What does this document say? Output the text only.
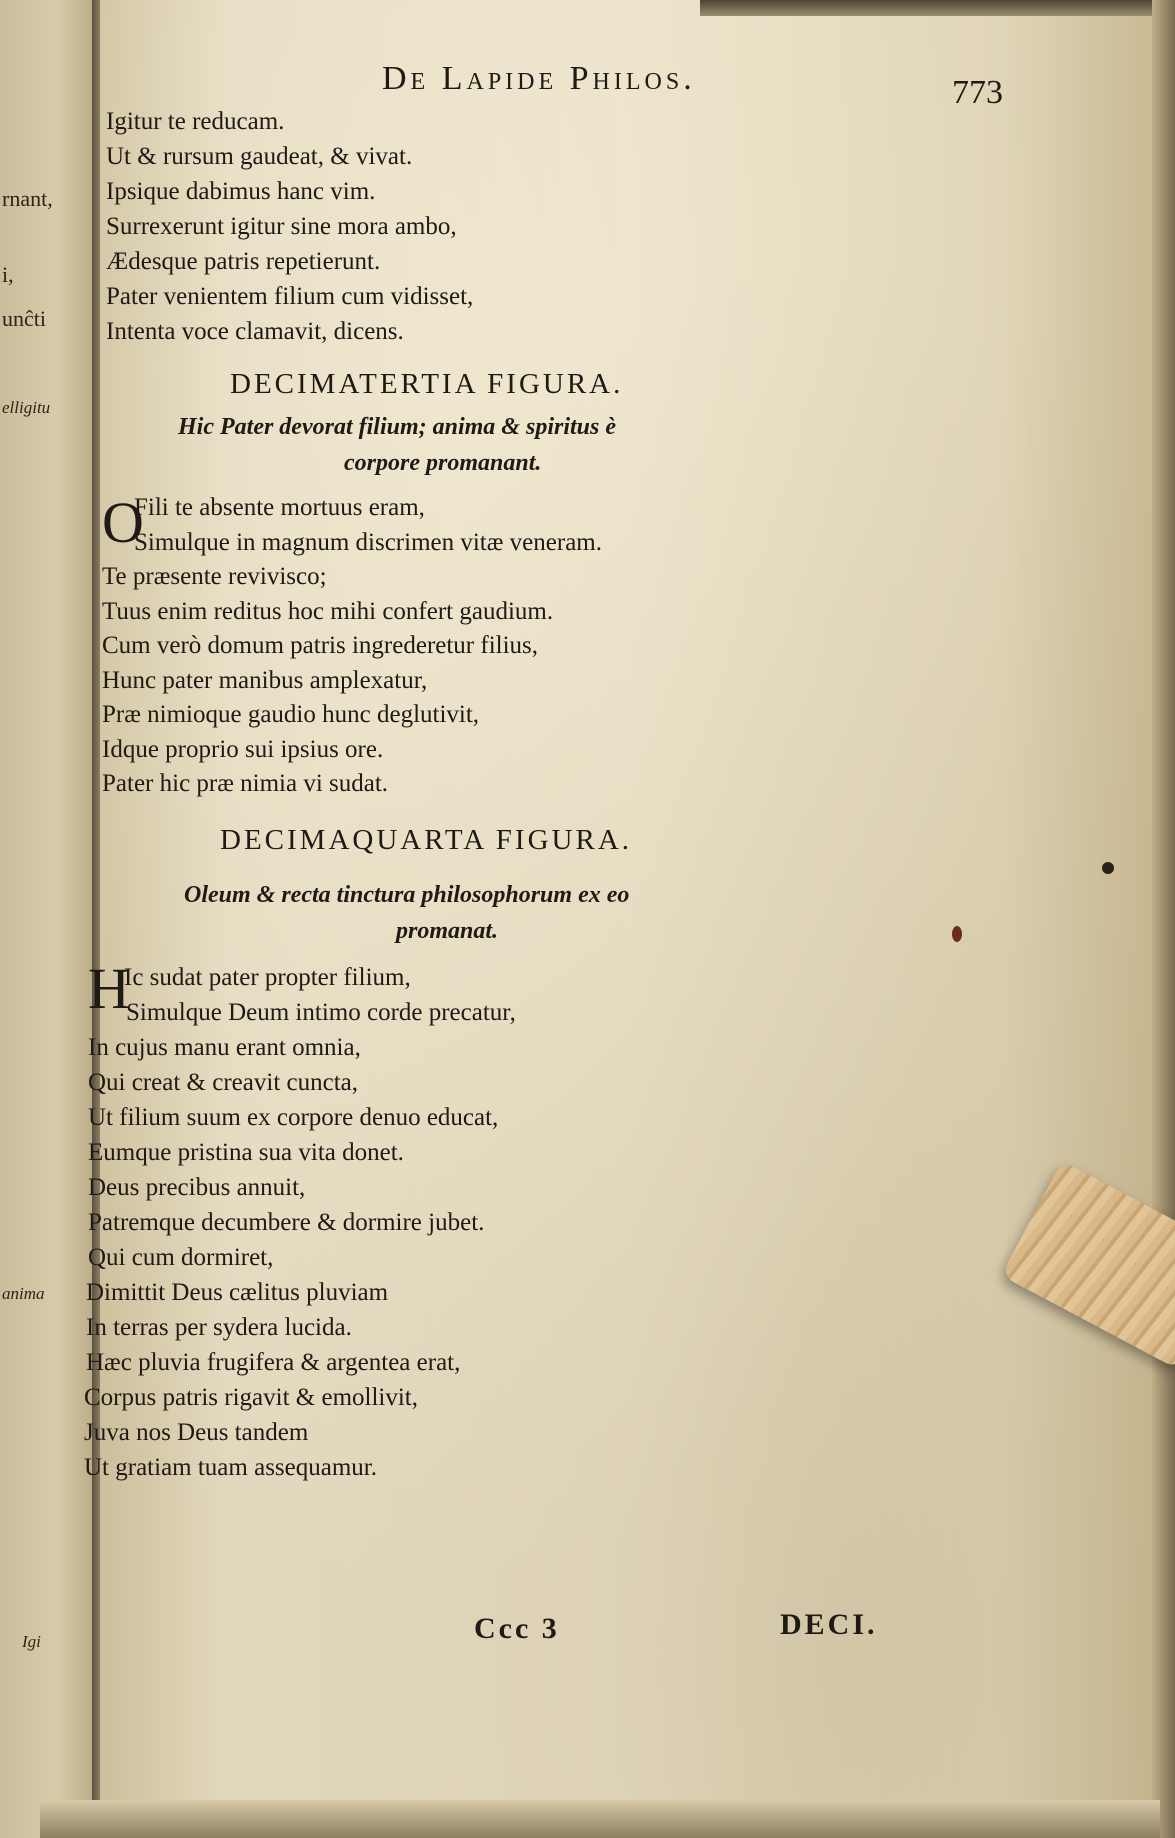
rnant,
i,
unĉti
elligitu
anima
Igi
De Lapide Philos.	773
Igitur te reducam.
Ut & rursum gaudeat, & vivat.
Ipsique dabimus hanc vim.
Surrexerunt igitur sine mora ambo,
Ædesque patris repetierunt.
Pater venientem filium cum vidisset,
Intenta voce clamavit, dicens.
DECIMATERTIA FIGURA.
Hic Pater devorat filium; anima & spiritus è
corpore promanant.
O
Fili te absente mortuus eram,
Simulque in magnum discrimen vitæ veneram.
Te præsente revivisco;
Tuus enim reditus hoc mihi confert gaudium.
Cum verò domum patris ingrederetur filius,
Hunc pater manibus amplexatur,
Præ nimioque gaudio hunc deglutivit,
Idque proprio sui ipsius ore.
Pater hic præ nimia vi sudat.
DECIMAQUARTA FIGURA.
Oleum & recta tinctura philosophorum ex eo
promanat.
H
Ic sudat pater propter filium,
Simulque Deum intimo corde precatur,
In cujus manu erant omnia,
Qui creat & creavit cuncta,
Ut filium suum ex corpore denuo educat,
Eumque pristina sua vita donet.
Deus precibus annuit,
Patremque decumbere & dormire jubet.
Qui cum dormiret,
Dimittit Deus cælitus pluviam
In terras per sydera lucida.
Hæc pluvia frugifera & argentea erat,
Corpus patris rigavit & emollivit,
Juva nos Deus tandem
Ut gratiam tuam assequamur.
Ccc 3	DECI.
